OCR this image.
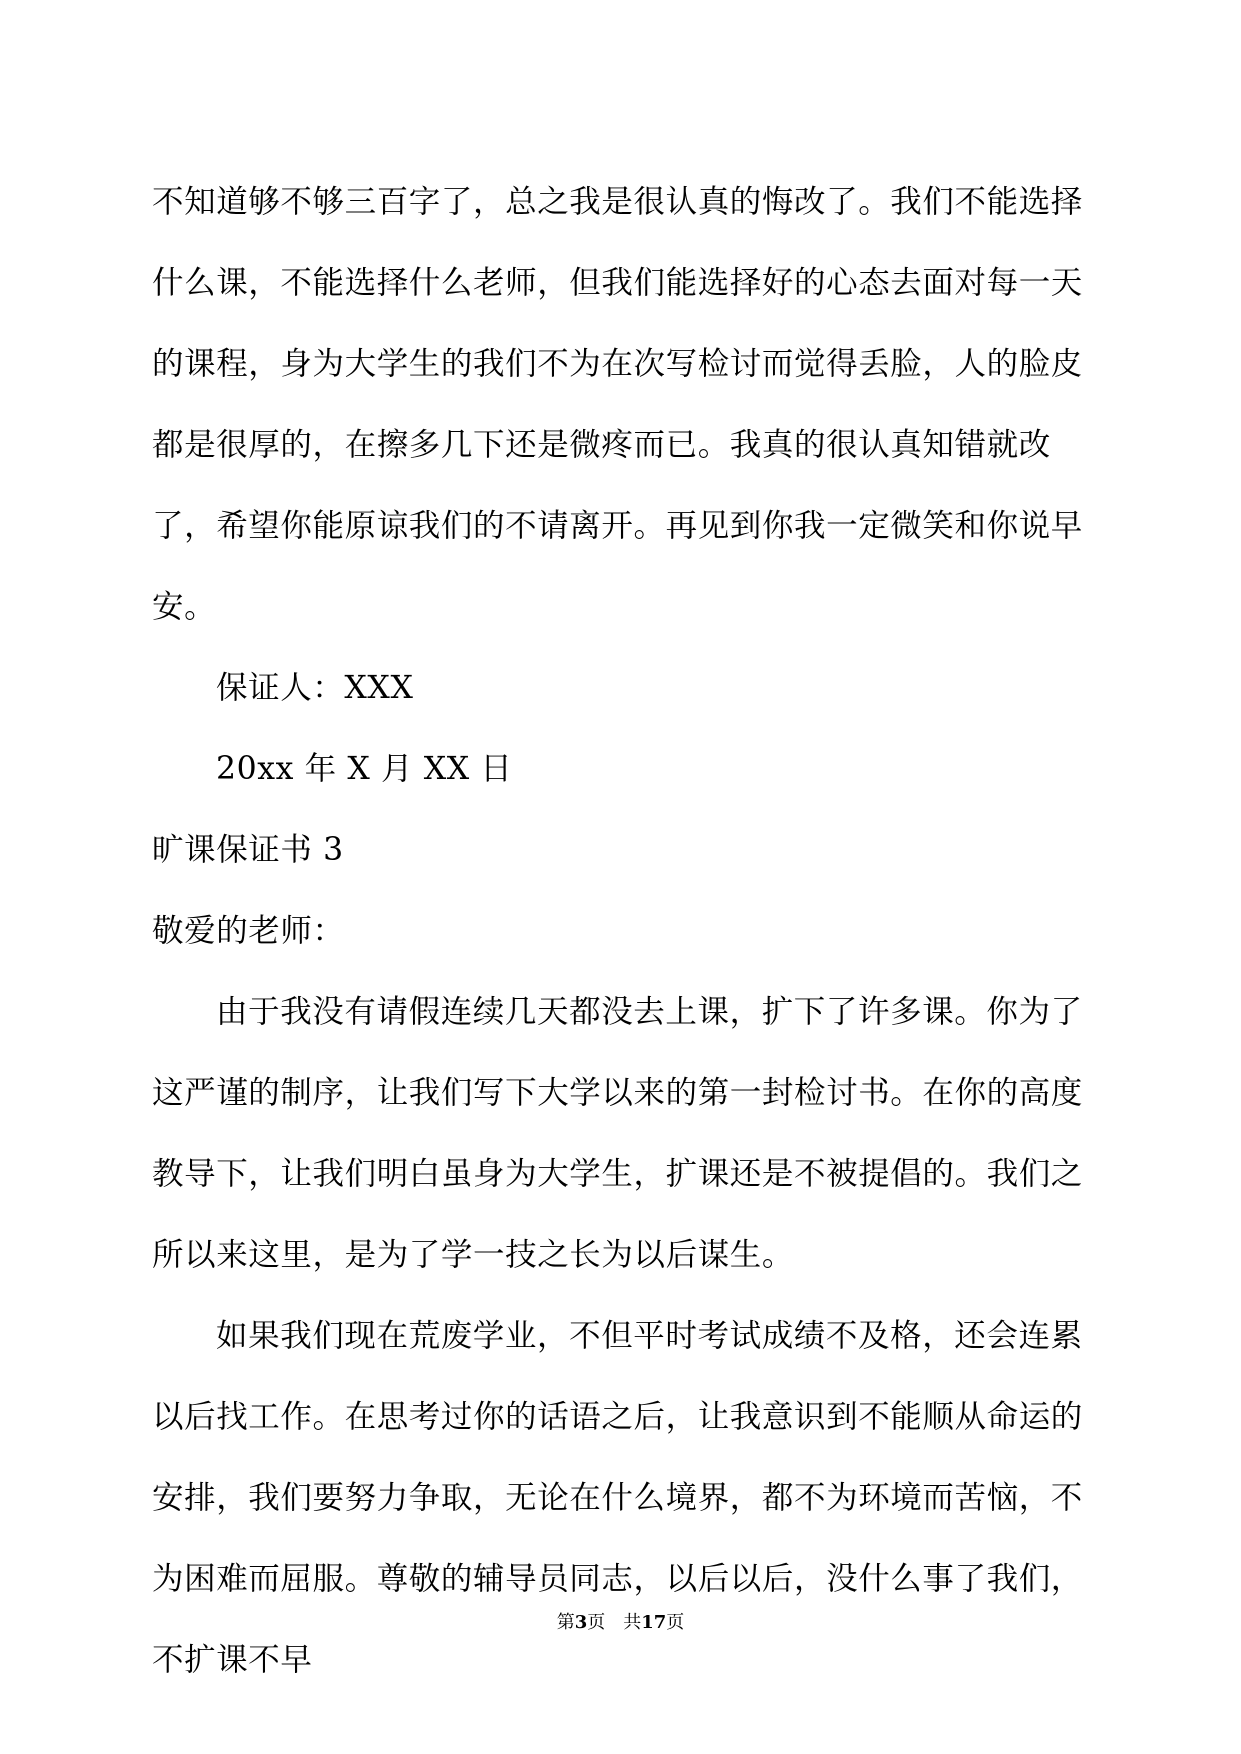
不知道够不够三百字了，总之我是很认真的悔改了。我们不能选择什么课，不能选择什么老师，但我们能选择好的心态去面对每一天的课程，身为大学生的我们不为在次写检讨而觉得丢脸，人的脸皮都是很厚的，在擦多几下还是微疼而已。我真的很认真知错就改了，希望你能原谅我们的不请离开。再见到你我一定微笑和你说早安。

保证人：XXX

20xx 年 X 月 XX 日

旷课保证书 3

敬爱的老师：

由于我没有请假连续几天都没去上课，扩下了许多课。你为了这严谨的制序，让我们写下大学以来的第一封检讨书。在你的高度教导下，让我们明白虽身为大学生，扩课还是不被提倡的。我们之所以来这里，是为了学一技之长为以后谋生。

如果我们现在荒废学业，不但平时考试成绩不及格，还会连累以后找工作。在思考过你的话语之后，让我意识到不能顺从命运的安排，我们要努力争取，无论在什么境界，都不为环境而苦恼，不为困难而屈服。尊敬的辅导员同志，以后以后，没什么事了我们，不扩课不早

第3页 共17页
